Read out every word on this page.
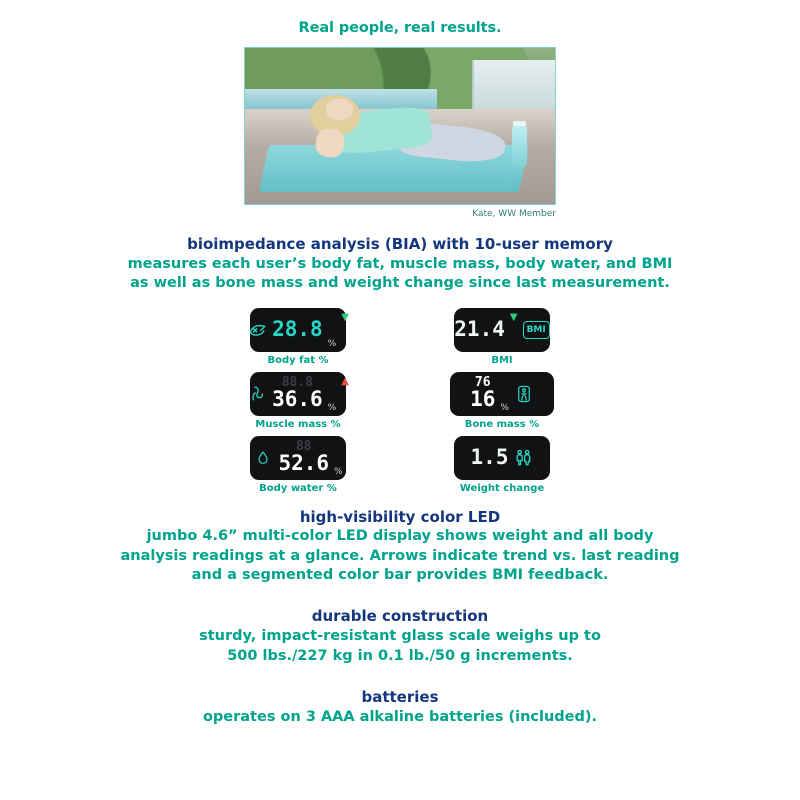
Real people, real results.
Kate, WW Member
bioimpedance analysis (BIA) with 10-user memory
measures each user’s body fat, muscle mass, body water, and BMI
as well as bone mass and weight change since last measurement.
28.8
%
▼
Body fat %
21.4 ▼
BMI
BMI
88.8
36.6 %
▲
Muscle mass %
76
16 %
Bone mass %
88
52.6 %
Body water %
1.5
Weight change
high-visibility color LED
jumbo 4.6” multi-color LED display shows weight and all body
analysis readings at a glance. Arrows indicate trend vs. last reading
and a segmented color bar provides BMI feedback.
durable construction
sturdy, impact-resistant glass scale weighs up to
500 lbs./227 kg in 0.1 lb./50 g increments.
batteries
operates on 3 AAA alkaline batteries (included).
